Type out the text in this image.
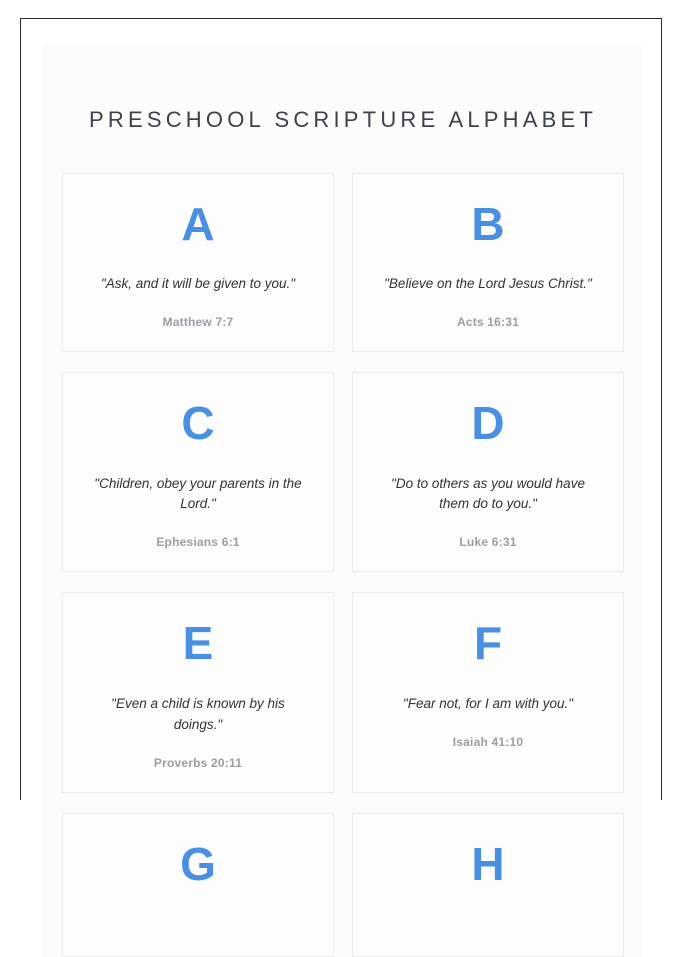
PRESCHOOL SCRIPTURE ALPHABET
A

"Ask, and it will be given to you."

Matthew 7:7

B

"Believe on the Lord Jesus Christ."

Acts 16:31

C

"Children, obey your parents in the Lord."

Ephesians 6:1

D

"Do to others as you would have them do to you."

Luke 6:31

E

"Even a child is known by his doings."

Proverbs 20:11

F

"Fear not, for I am with you."

Isaiah 41:10

G	H
